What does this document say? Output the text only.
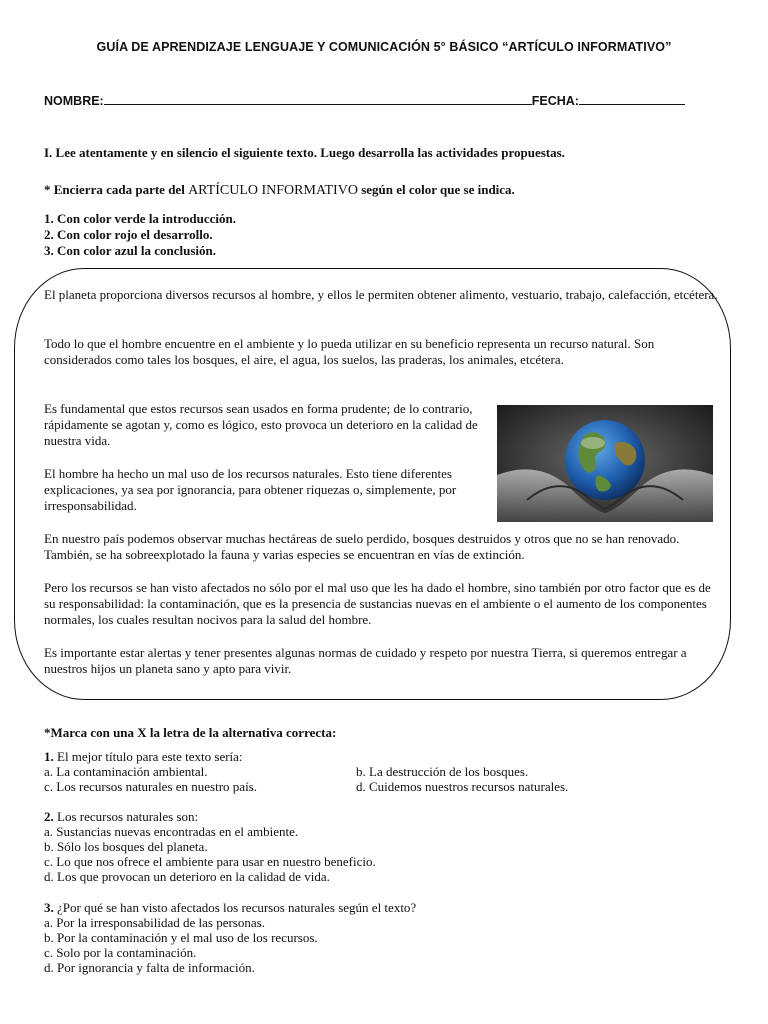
GUÍA DE APRENDIZAJE LENGUAJE Y COMUNICACIÓN 5° BÁSICO “ARTÍCULO INFORMATIVO”
NOMBRE:	FECHA:
I. Lee atentamente y en silencio el siguiente texto. Luego desarrolla las actividades propuestas.
* Encierra cada parte del ARTÍCULO INFORMATIVO según el color que se indica.
1. Con color verde la introducción.
2. Con color rojo el desarrollo.
3. Con color azul la conclusión.
El planeta proporciona diversos recursos al hombre, y ellos le permiten obtener alimento, vestuario, trabajo, calefacción, etcétera.
Todo lo que el hombre encuentre en el ambiente y lo pueda utilizar en su beneficio representa un recurso natural. Son considerados como tales los bosques, el aire, el agua, los suelos, las praderas, los animales, etcétera.
Es fundamental que estos recursos sean usados en forma prudente; de lo contrario, rápidamente se agotan y, como es lógico, esto provoca un deterioro en la calidad de nuestra vida.
El hombre ha hecho un mal uso de los recursos naturales. Esto tiene diferentes explicaciones, ya sea por ignorancia, para obtener riquezas o, simplemente, por irresponsabilidad.
En nuestro país podemos observar muchas hectáreas de suelo perdido, bosques destruidos y otros que no se han renovado. También, se ha sobreexplotado la fauna y varias especies se encuentran en vías de extinción.
Pero los recursos se han visto afectados no sólo por el mal uso que les ha dado el hombre, sino también por otro factor que es de su responsabilidad: la contaminación, que es la presencia de sustancias nuevas en el ambiente o el aumento de los componentes normales, los cuales resultan nocivos para la salud del hombre.
Es importante estar alertas y tener presentes algunas normas de cuidado y respeto por nuestra Tierra, si queremos entregar a nuestros hijos un planeta sano y apto para vivir.
*Marca con una X la letra de la alternativa correcta:
1. El mejor título para este texto sería:
a. La contaminación ambiental.
c. Los recursos naturales en nuestro país.
b. La destrucción de los bosques.
d. Cuidemos nuestros recursos naturales.
2. Los recursos naturales son:
a. Sustancias nuevas encontradas en el ambiente.
b. Sólo los bosques del planeta.
c. Lo que nos ofrece el ambiente para usar en nuestro beneficio.
d. Los que provocan un deterioro en la calidad de vida.
3. ¿Por qué se han visto afectados los recursos naturales según el texto?
a. Por la irresponsabilidad de las personas.
b. Por la contaminación y el mal uso de los recursos.
c. Solo por la contaminación.
d. Por ignorancia y falta de información.
